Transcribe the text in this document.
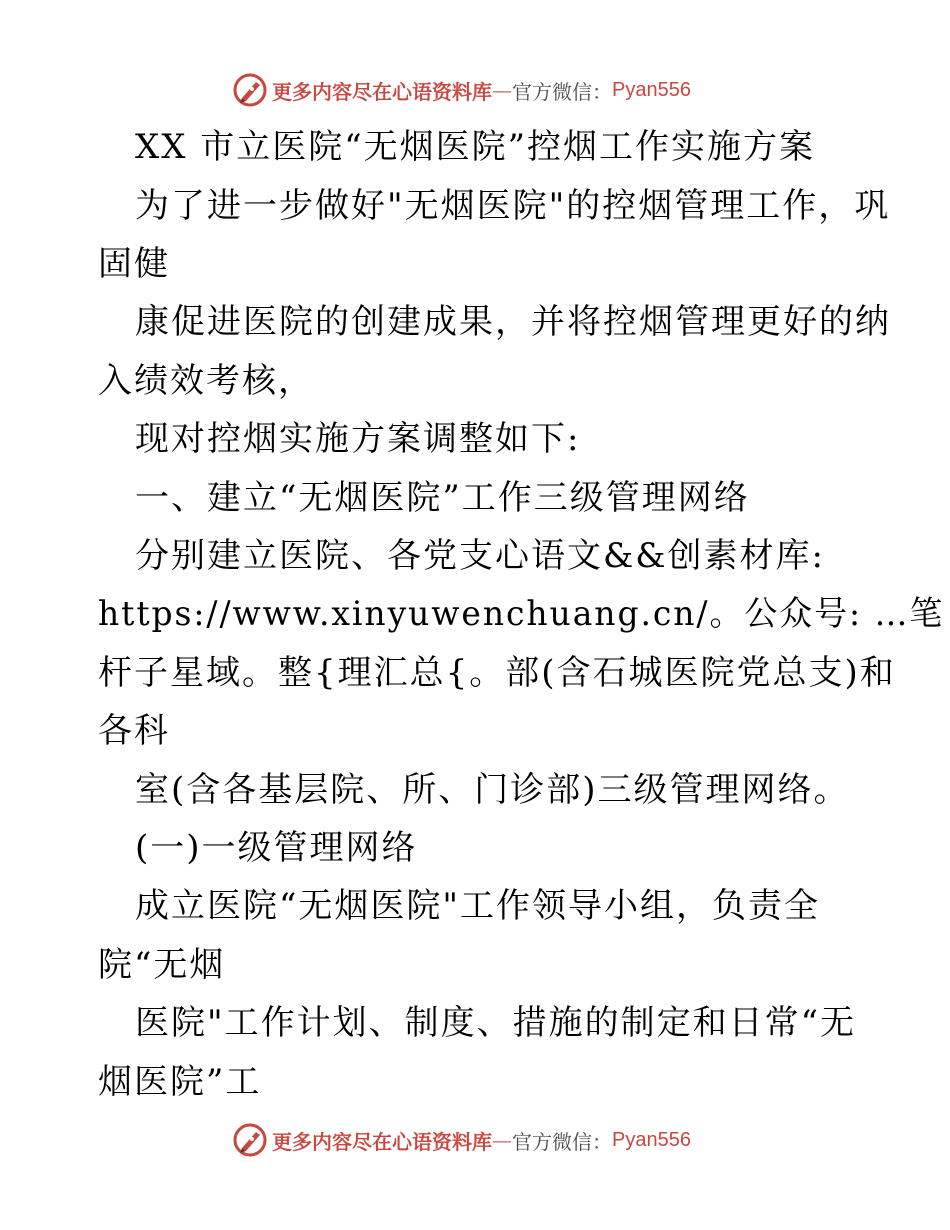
更多内容尽在心语资料库 — 官方微信： Pyan556
XX 市立医院“无烟医院”控烟工作实施方案
为了进一步做好"无烟医院"的控烟管理工作，巩
固健
康促进医院的创建成果，并将控烟管理更好的纳
入绩效考核，
现对控烟实施方案调整如下:
一、建立“无烟医院”工作三级管理网络
分别建立医院、各党支心语文&&创素材库:
https://www.xinyuwenchuang.cn/。公众号: …笔
杆子星域。整{理汇总{。部(含石城医院党总支)和
各科
室(含各基层院、所、门诊部)三级管理网络。
(一)一级管理网络
成立医院“无烟医院"工作领导小组，负责全
院“无烟
医院"工作计划、制度、措施的制定和日常“无
烟医院”工
更多内容尽在心语资料库 — 官方微信： Pyan556
